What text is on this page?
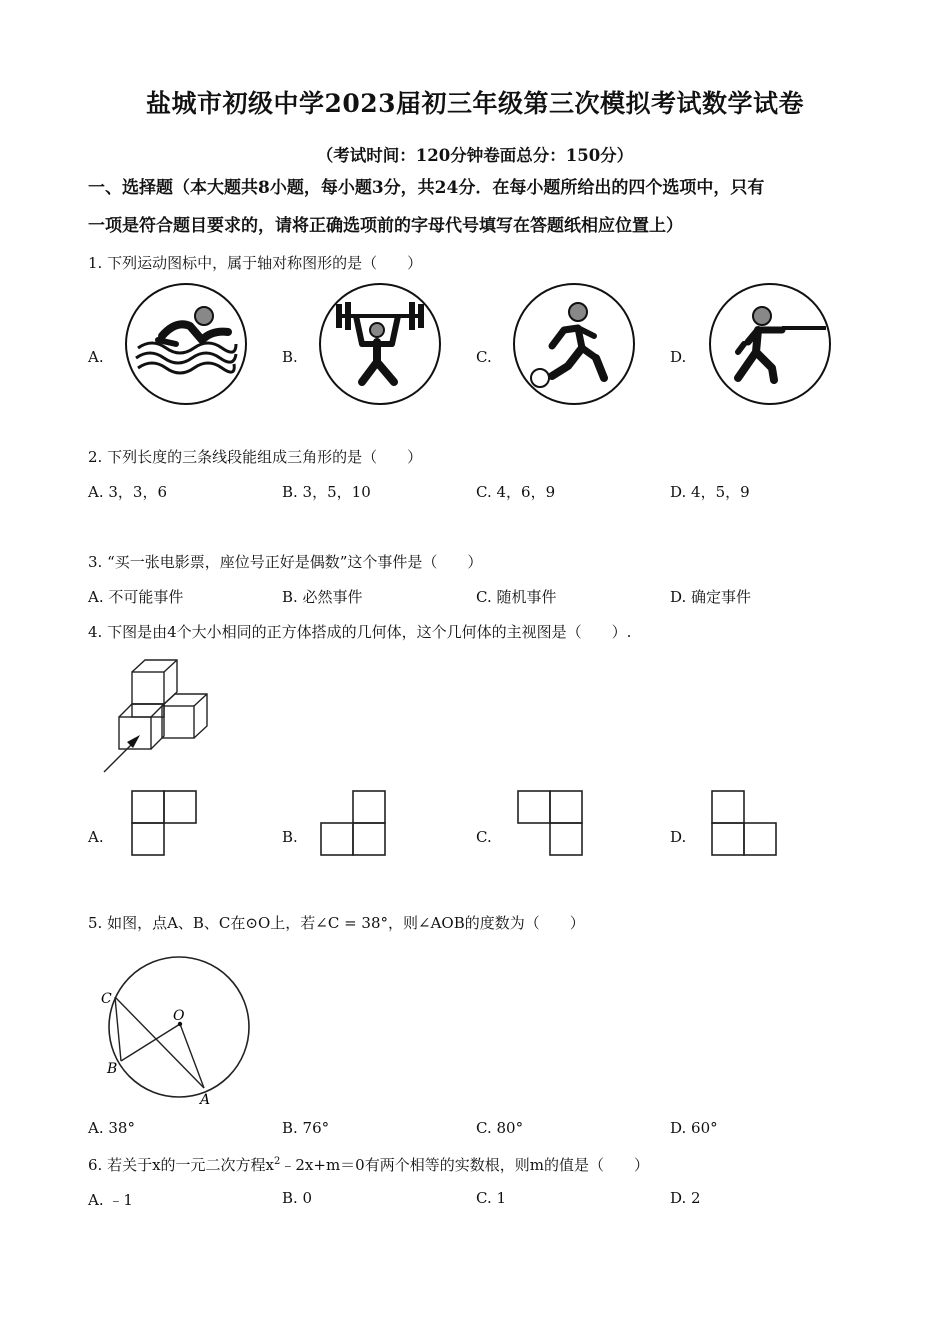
盐城市初级中学2023届初三年级第三次模拟考试数学试卷
（考试时间：120分钟卷面总分：150分）
一、选择题（本大题共8小题，每小题3分，共24分．在每小题所给出的四个选项中，只有
一项是符合题目要求的，请将正确选项前的字母代号填写在答题纸相应位置上）
1. 下列运动图标中，属于轴对称图形的是（　　）
A.	B.	C.	D.
2. 下列长度的三条线段能组成三角形的是（　　）
A. 3，3，6	B. 3，5，10	C. 4，6，9	D. 4，5，9
3. “买一张电影票，座位号正好是偶数”这个事件是（　　）
A. 不可能事件	B. 必然事件	C. 随机事件	D. 确定事件
4. 下图是由4个大小相同的正方体搭成的几何体，这个几何体的主视图是（　　）.
A.	B.	C.	D.
5. 如图，点A、B、C在⊙O上，若∠C = 38°，则∠AOB的度数为（　　）
C
O
B
A
A. 38°	B. 76°	C. 80°	D. 60°
6. 若关于x的一元二次方程$x^2﹣2x+m=0$有两个相等的实数根，则m的值是（　　）
A. ﹣1	B. 0	C. 1	D. 2
